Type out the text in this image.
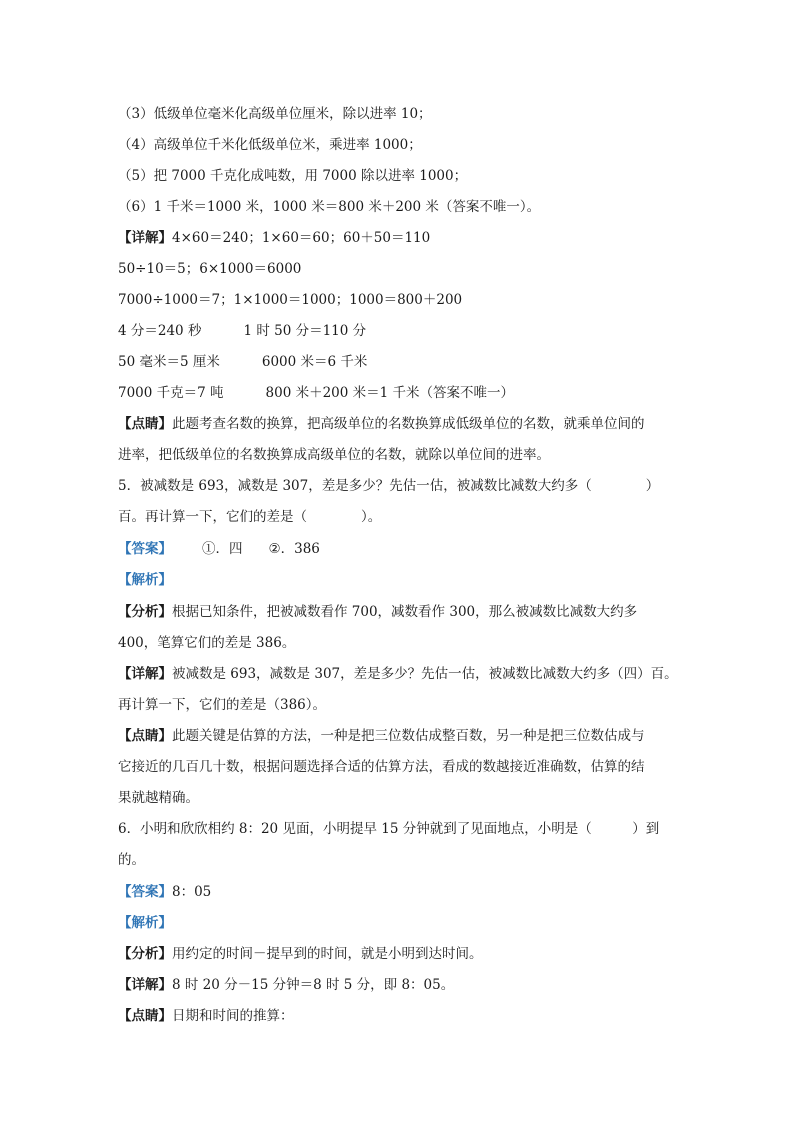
（3）低级单位毫米化高级单位厘米，除以进率 10；
（4）高级单位千米化低级单位米，乘进率 1000；
（5）把 7000 千克化成吨数，用 7000 除以进率 1000；
（6）1 千米＝1000 米，1000 米＝800 米＋200 米（答案不唯一）。
【详解】4×60＝240；1×60＝60；60＋50＝110
50÷10＝5；6×1000＝6000
7000÷1000＝7；1×1000＝1000；1000＝800＋200
4 分＝240 秒	1 时 50 分＝110 分
50 毫米＝5 厘米	6000 米＝6 千米
7000 千克＝7 吨	800 米＋200 米＝1 千米（答案不唯一）
【点睛】此题考查名数的换算，把高级单位的名数换算成低级单位的名数，就乘单位间的
进率，把低级单位的名数换算成高级单位的名数，就除以单位间的进率。
5．被减数是 693，减数是 307，差是多少？先估一估，被减数比减数大约多（　　　　）
百。再计算一下，它们的差是（　　　　）。
【答案】 ①．四 ②．386
【解析】
【分析】根据已知条件，把被减数看作 700，减数看作 300，那么被减数比减数大约多
400，笔算它们的差是 386。
【详解】被减数是 693，减数是 307，差是多少？先估一估，被减数比减数大约多（四）百。
再计算一下，它们的差是（386）。
【点睛】此题关键是估算的方法，一种是把三位数估成整百数，另一种是把三位数估成与
它接近的几百几十数，根据问题选择合适的估算方法，看成的数越接近准确数，估算的结
果就越精确。
6．小明和欣欣相约 8：20 见面，小明提早 15 分钟就到了见面地点，小明是（　　　）到
的。
【答案】8：05
【解析】
【分析】用约定的时间－提早到的时间，就是小明到达时间。
【详解】8 时 20 分－15 分钟＝8 时 5 分，即 8：05。
【点睛】日期和时间的推算：
